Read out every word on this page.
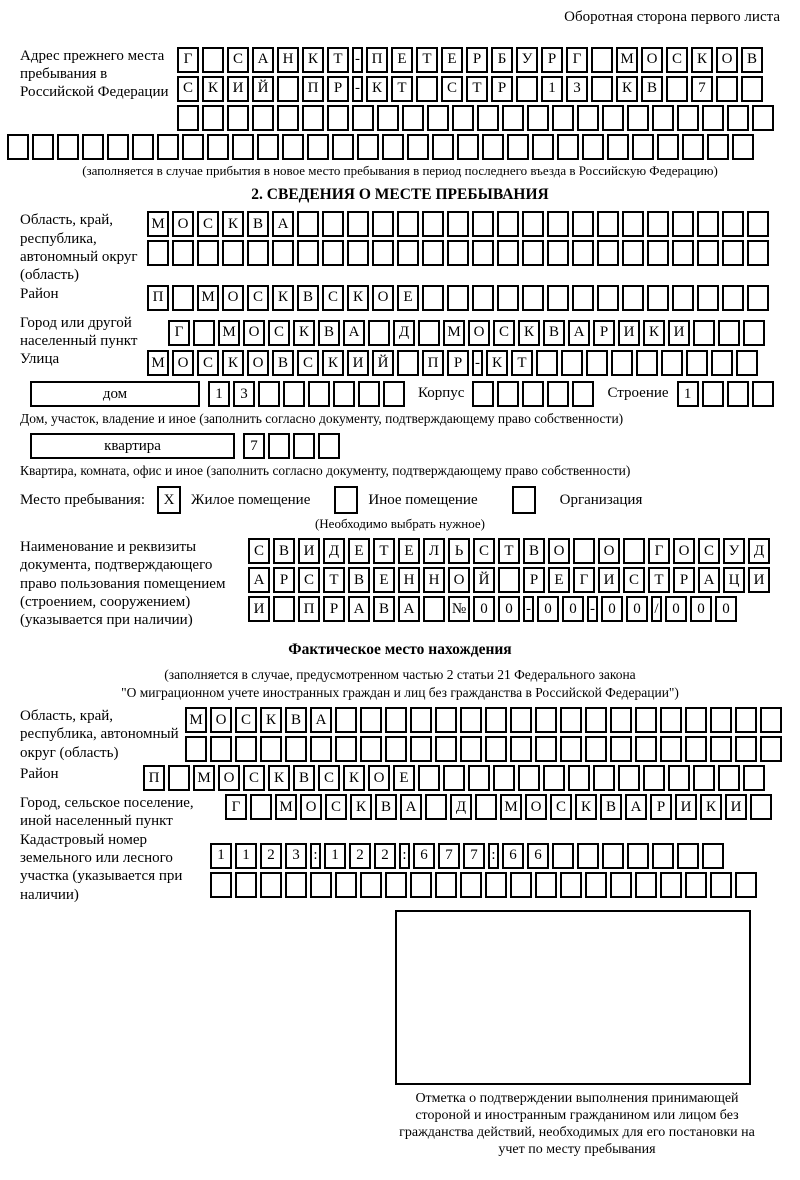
Оборотная сторона первого листа
Адрес прежнего места пребывания в Российской Федерации
Г	С А Н К	Т - П Е	Т	Е	Р	Б	У	Р	Г	М О С К О В
С К И Й	П	Р - К	Т	С	Т	Р	1	3	К В	7
(заполняется в случае прибытия в новое место пребывания в период последнего въезда в Российскую Федерацию)
2. СВЕДЕНИЯ О МЕСТЕ ПРЕБЫВАНИЯ
Область, край, республика, автономный округ (область)
М О С К В А
Район	П	М О С К В С К О Е
Город или другой населенный пункт
Г	М О С К В А	Д	М О С К В А	Р	И К И
Улица	М О С К О В С К И Й	П	Р - К	Т
дом	1	3	Корпус	Строение	1
Дом, участок, владение и иное (заполнить согласно документу, подтверждающему право собственности)
квартира	7
Квартира, комната, офис и иное (заполнить согласно документу, подтверждающему право собственности)
Место пребывания:	X	Жилое помещение	Иное помещение	Организация
(Необходимо выбрать нужное)
Наименование и реквизиты документа, подтверждающего право пользования помещением (строением, сооружением) (указывается при наличии)
С В И Д	Е	Т	Е	Л	Ь	С	Т	В О	О	Г	О С У Д
А	Р	С	Т	В	Е	Н Н О Й	Р	Е	Г	И С	Т	Р	А Ц И
И	П	Р	А В А	№ 0	0 - 0	0 - 0	0 / 0	0	0
Фактическое место нахождения
(заполняется в случае, предусмотренном частью 2 статьи 21 Федерального закона
"О миграционном учете иностранных граждан и лиц без гражданства в Российской Федерации")
Область, край, республика, автономный округ (область)
М О С К В А
Район	П	М О С К В С К О Е
Город, сельское поселение, иной населенный пункт
Г	М О С К В А	Д	М О С К В А	Р	И К И
Кадастровый номер земельного или лесного участка (указывается при наличии)
1	1	2	3 : 1	2	2 : 6	7	7 : 6	6
Отметка о подтверждении выполнения принимающей стороной и иностранным гражданином или лицом без гражданства действий, необходимых для его постановки на учет по месту пребывания
